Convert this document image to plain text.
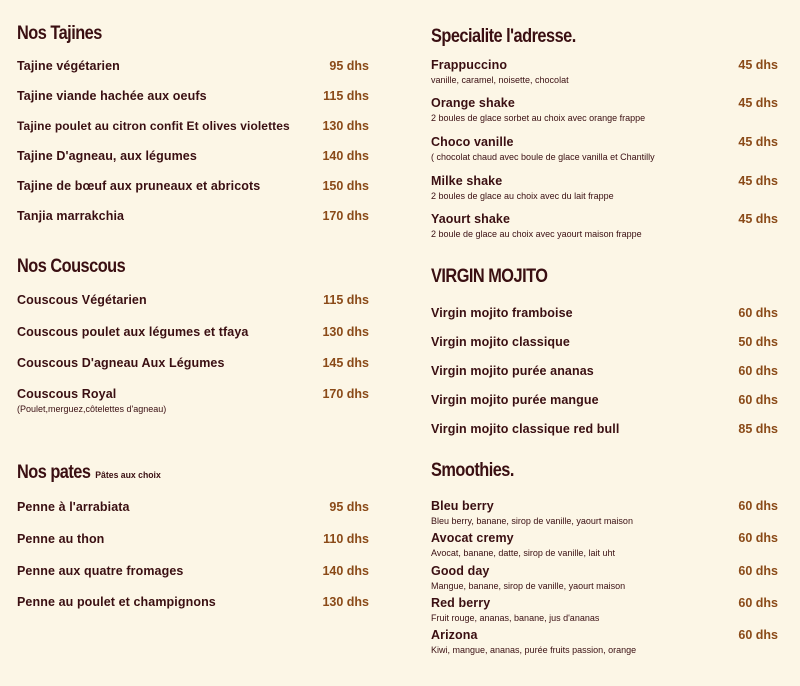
Nos Tajines
Tajine végétarien	95 dhs
Tajine viande hachée aux oeufs	115 dhs
Tajine poulet au citron confit Et olives violettes	130 dhs
Tajine D'agneau, aux légumes	140 dhs
Tajine de bœuf aux pruneaux et abricots	150 dhs
Tanjia marrakchia	170 dhs
Nos Couscous
Couscous Végétarien	115 dhs
Couscous poulet aux légumes et tfaya	130 dhs
Couscous D'agneau Aux Légumes	145 dhs
Couscous Royal	170 dhs
(Poulet,merguez,côtelettes d'agneau)
Nos pates Pâtes aux choix
Penne à l'arrabiata	95 dhs
Penne au thon	110 dhs
Penne aux quatre fromages	140 dhs
Penne au poulet et champignons	130 dhs
Specialite l'adresse.
Frappuccino	45 dhs
vanille, caramel, noisette, chocolat
Orange shake	45 dhs
2 boules de glace sorbet au choix avec orange frappe
Choco vanille	45 dhs
( chocolat chaud avec boule de glace vanilla et Chantilly
Milke shake	45 dhs
2 boules de glace au choix avec du lait frappe
Yaourt shake	45 dhs
2 boule de glace au choix avec yaourt maison frappe
VIRGIN MOJITO
Virgin mojito framboise	60 dhs
Virgin mojito classique	50 dhs
Virgin mojito purée ananas	60 dhs
Virgin mojito purée mangue	60 dhs
Virgin mojito classique red bull	85 dhs
Smoothies.
Bleu berry	60 dhs
Bleu berry, banane, sirop de vanille, yaourt maison
Avocat cremy	60 dhs
Avocat, banane, datte, sirop de vanille, lait uht
Good day	60 dhs
Mangue, banane, sirop de vanille, yaourt maison
Red berry	60 dhs
Fruit rouge, ananas, banane, jus d'ananas
Arizona	60 dhs
Kiwi, mangue, ananas, purée fruits passion, orange
